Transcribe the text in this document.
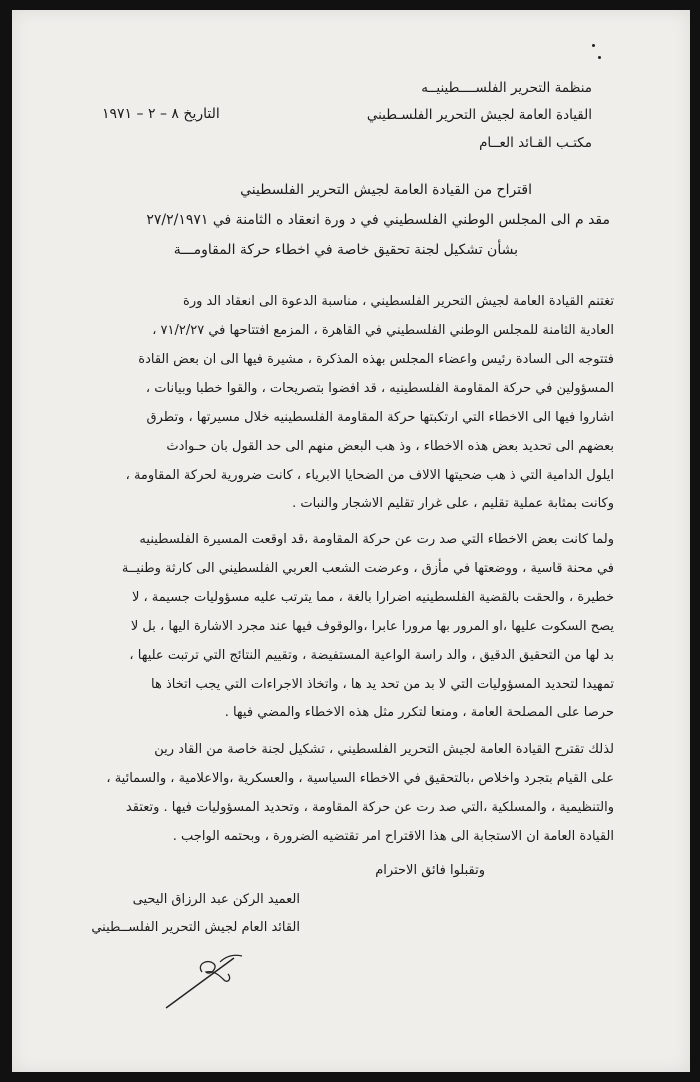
منظمة التحرير الفلســــطينيــه
القيادة العامة لجيش التحرير الفلسـطيني
مكتـب القـائد العــام
التاريخ ٨ – ٢ – ١٩٧١
اقتراح من القيادة العامة لجيش التحرير الفلسطيني
مقد م الى المجلس الوطني الفلسطيني في د ورة انعقاد ه الثامنة في ٢٧/٢/١٩٧١
بشأن تشكيل لجنة تحقيق خاصة في اخطاء حركة المقاومـــة
تغتنم القيادة العامة لجيش التحرير الفلسطيني ، مناسبة الدعوة الى انعقاد الد ورة
العادية الثامنة للمجلس الوطني الفلسطيني في القاهرة ، المزمع افتتاحها في ٧١/٢/٢٧ ،
فتتوجه الى السادة رئيس واعضاء المجلس بهذه المذكرة ، مشيرة فيها الى ان بعض القادة
المسؤولين في حركة المقاومة الفلسطينيه ، قد افضوا بتصريحات ، والقوا خطبا وبيانات ،
اشاروا فيها الى الاخطاء التي ارتكبتها حركة المقاومة الفلسطينيه خلال مسيرتها ، وتطرق
بعضهم الى تحديد بعض هذه الاخطاء ، وذ هب البعض منهم الى حد القول بان حـوادث
ايلول الدامية التي ذ هب ضحيتها الالاف من الضحايا الابرياء ، كانت ضرورية لحركة المقاومة ،
وكانت بمثابة عملية تقليم ، على غرار تقليم الاشجار والنبات .
ولما كانت بعض الاخطاء التي صد رت عن حركة المقاومة ،قد اوقعت المسيرة الفلسطينيه
في محنة قاسية ، ووضعتها في مأزق ، وعرضت الشعب العربي الفلسطيني الى كارثة وطنيــة
خطيرة ، والحقت بالقضية الفلسطينيه اضرارا بالغة ، مما يترتب عليه مسؤوليات جسيمة ، لا
يصح السكوت عليها ،او المرور بها مرورا عابرا ،والوقوف فيها عند مجرد الاشارة اليها ، بل لا
بد لها من التحقيق الدقيق ، والد راسة الواعية المستفيضة ، وتقييم النتائج التي ترتبت عليها ،
تمهيدا لتحديد المسؤوليات التي لا بد من تحد يد ها ، واتخاذ الاجراءات التي يجب اتخاذ ها
حرصا على المصلحة العامة ، ومنعا لتكرر مثل هذه الاخطاء والمضي فيها .
لذلك تقترح القيادة العامة لجيش التحرير الفلسطيني ، تشكيل لجنة خاصة من القاد رين
على القيام بتجرد واخلاص ،بالتحقيق في الاخطاء السياسية ، والعسكرية ،والاعلامية ، والسمائية ،
والتنظيمية ، والمسلكية ،التي صد رت عن حركة المقاومة ، وتحديد المسؤوليات فيها . وتعتقد
القيادة العامة ان الاستجابة الى هذا الاقتراح امر تقتضيه الضرورة ، وبحتمه الواجب .
وتقبلوا فائق الاحترام
العميد الركن عبد الرزاق اليحيى
القائد العام لجيش التحرير الفلســطيني
